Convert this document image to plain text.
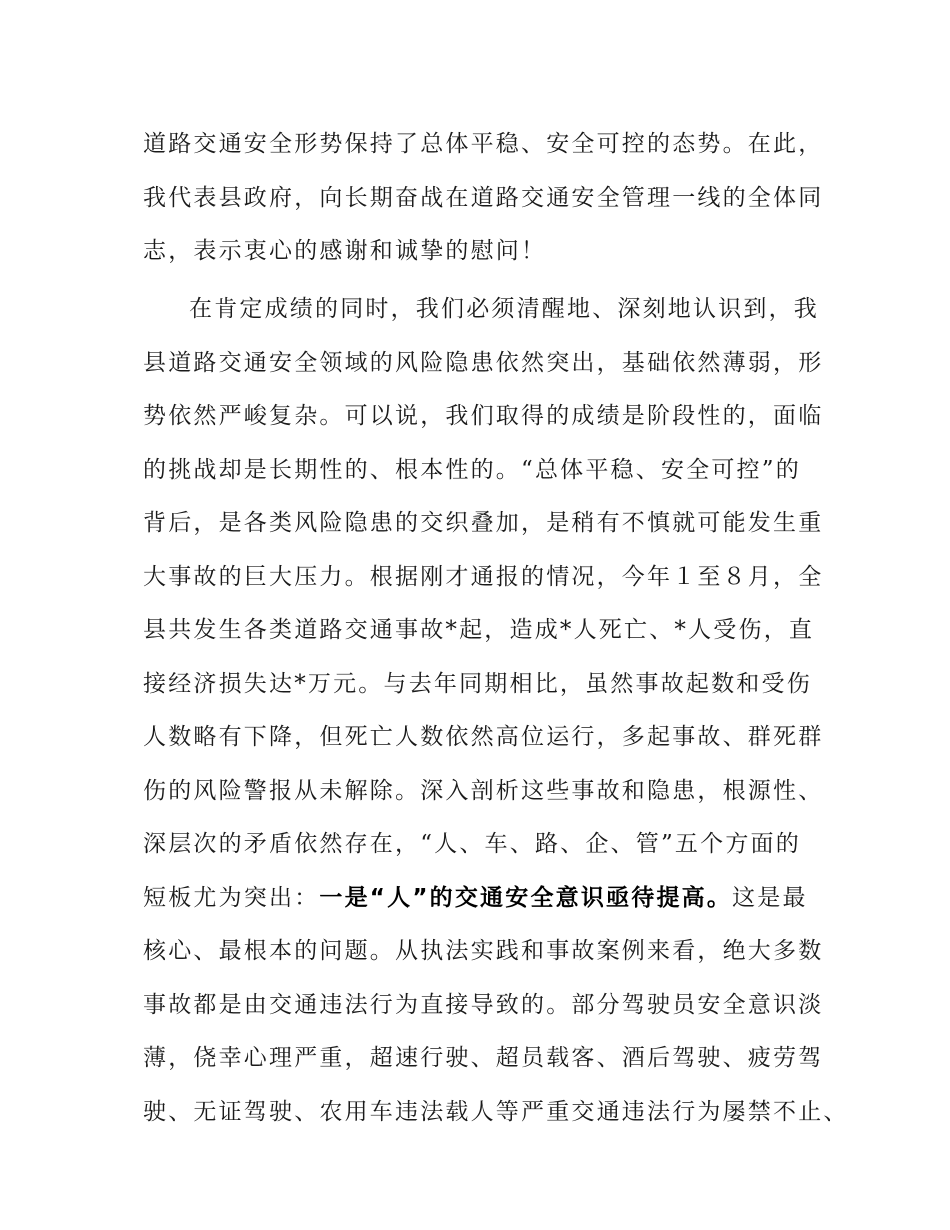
道路交通安全形势保持了总体平稳、安全可控的态势。在此，
我代表县政府，向长期奋战在道路交通安全管理一线的全体同
志，表示衷心的感谢和诚挚的慰问！
在肯定成绩的同时，我们必须清醒地、深刻地认识到，我
县道路交通安全领域的风险隐患依然突出，基础依然薄弱，形
势依然严峻复杂。可以说，我们取得的成绩是阶段性的，面临
的挑战却是长期性的、根本性的。“总体平稳、安全可控”的
背后，是各类风险隐患的交织叠加，是稍有不慎就可能发生重
大事故的巨大压力。根据刚才通报的情况，今年１至８月，全
县共发生各类道路交通事故*起，造成*人死亡、*人受伤，直
接经济损失达*万元。与去年同期相比，虽然事故起数和受伤
人数略有下降，但死亡人数依然高位运行，多起事故、群死群
伤的风险警报从未解除。深入剖析这些事故和隐患，根源性、
深层次的矛盾依然存在，“人、车、路、企、管”五个方面的
短板尤为突出：一是“人”的交通安全意识亟待提高。这是最
核心、最根本的问题。从执法实践和事故案例来看，绝大多数
事故都是由交通违法行为直接导致的。部分驾驶员安全意识淡
薄，侥幸心理严重，超速行驶、超员载客、酒后驾驶、疲劳驾
驶、无证驾驶、农用车违法载人等严重交通违法行为屡禁不止、
